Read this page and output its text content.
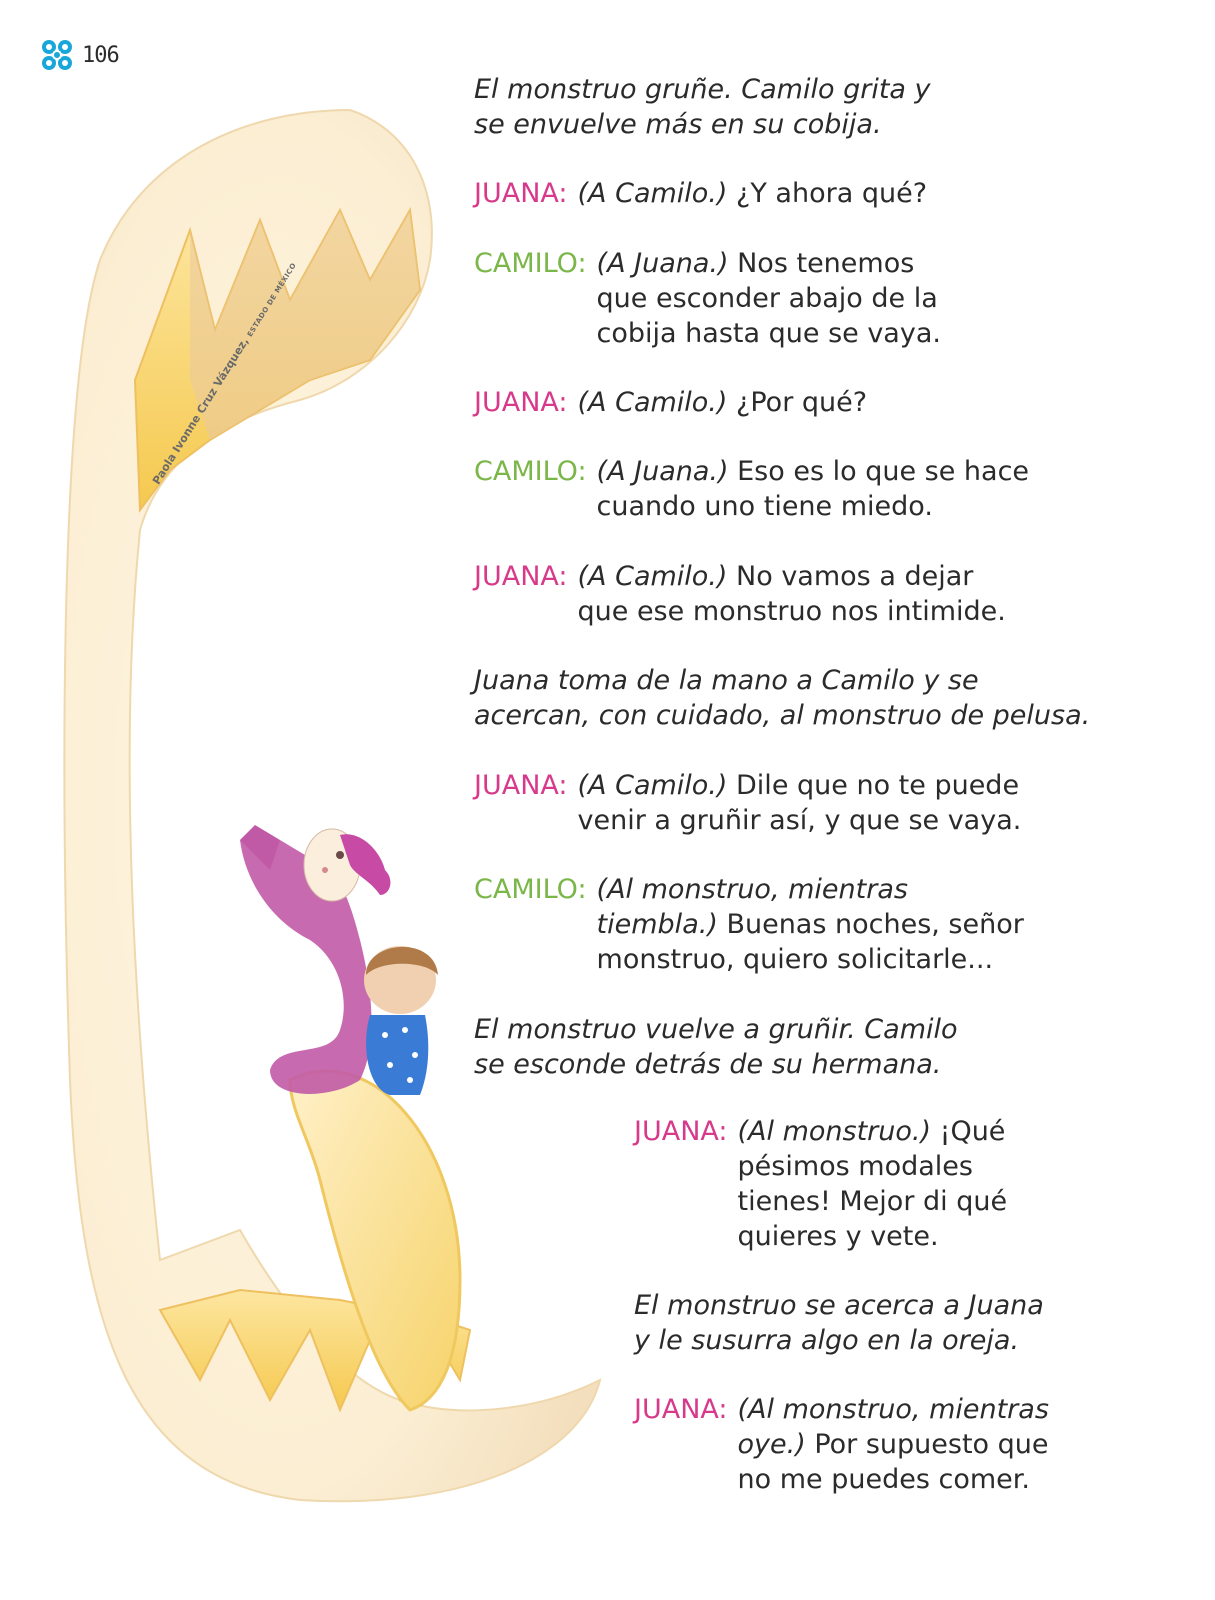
106
Paola Ivonne Cruz Vázquez,ESTADO DE MÉXICO
El monstruo gruñe. Camilo grita y
se envuelve más en su cobija.
JUANA: (A Camilo.) ¿Y ahora qué?
CAMILO: (A Juana.) Nos tenemos
que esconder abajo de la
cobija hasta que se vaya.
JUANA: (A Camilo.) ¿Por qué?
CAMILO: (A Juana.) Eso es lo que se hace
cuando uno tiene miedo.
JUANA: (A Camilo.) No vamos a dejar
que ese monstruo nos intimide.
Juana toma de la mano a Camilo y se
acercan, con cuidado, al monstruo de pelusa.
JUANA: (A Camilo.) Dile que no te puede
venir a gruñir así, y que se vaya.
CAMILO: (Al monstruo, mientras
tiembla.) Buenas noches, señor
monstruo, quiero solicitarle...
El monstruo vuelve a gruñir. Camilo
se esconde detrás de su hermana.
JUANA: (Al monstruo.) ¡Qué
pésimos modales
tienes! Mejor di qué
quieres y vete.
El monstruo se acerca a Juana
y le susurra algo en la oreja.
JUANA: (Al monstruo, mientras
oye.) Por supuesto que
no me puedes comer.
